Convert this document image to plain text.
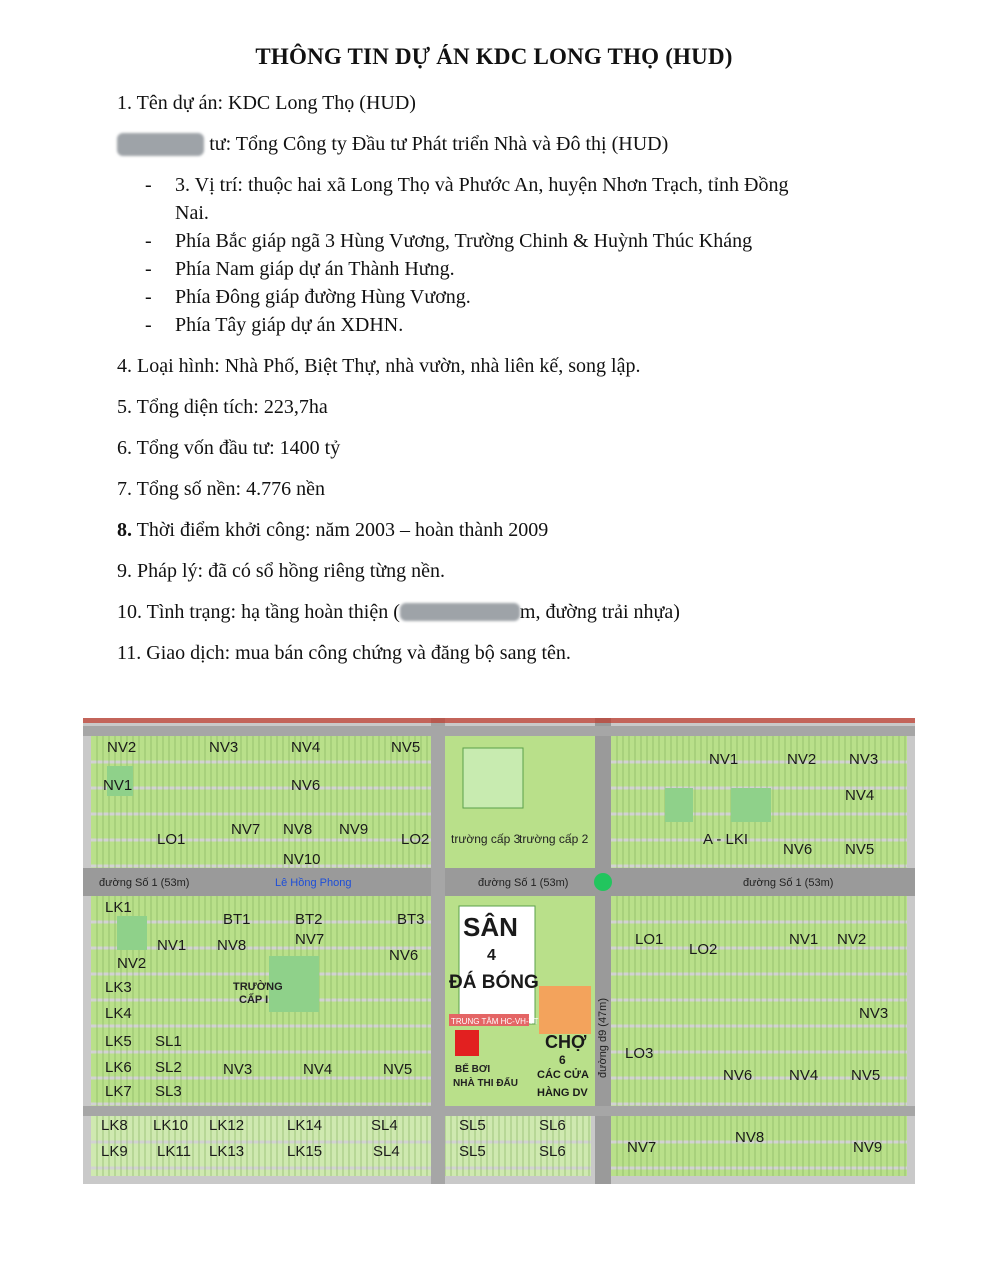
THÔNG TIN DỰ ÁN KDC LONG THỌ (HUD)
1. Tên dự án: KDC Long Thọ (HUD)
tư: Tổng Công ty Đầu tư Phát triển Nhà và Đô thị (HUD)
- 3. Vị trí: thuộc hai xã Long Thọ và Phước An, huyện Nhơn Trạch, tỉnh Đồng
Nai.
- Phía Bắc giáp ngã 3 Hùng Vương, Trường Chinh & Huỳnh Thúc Kháng
- Phía Nam giáp dự án Thành Hưng.
- Phía Đông giáp đường Hùng Vương.
- Phía Tây giáp dự án XDHN.
4. Loại hình: Nhà Phố, Biệt Thự, nhà vườn, nhà liên kế, song lập.
5. Tổng diện tích: 223,7ha
6. Tổng vốn đầu tư: 1400 tỷ
7. Tổng số nền: 4.776 nền
8. Thời điểm khởi công: năm 2003 – hoàn thành 2009
9. Pháp lý: đã có sổ hồng riêng từng nền.
10. Tình trạng: hạ tầng hoàn thiện (	m, đường trải nhựa)
11. Giao dịch: mua bán công chứng và đăng bộ sang tên.
đường Số 1 (53m)	đường Số 1 (53m)	đường Số 1 (53m)
Lê Hồng Phong
đường d9 (47m)
SÂN
4
ĐÁ BÓNG
CHỢ
6
CÁC CỬA
HÀNG DV
trường cấp 2
trường cấp 3
TRƯỜNG
CẤP I
BỂ BƠI
NHÀ THI ĐẤU
TRUNG TÂM HC-VH-TT
NV2	NV3	NV4	NV5
NV1	NV6
NV7 NV8 NV9
LO1	LO2
NV10
LK1
BT1	BT2	BT3
NV1 NV8	NV7
NV6
NV2
LK3
LK4
LK5
LK6
LK7
SL1
SL2
SL3
NV3	NV4	NV5
LK8
LK9
LK10
LK11
LK12
LK13
LK14
LK15
SL4
SL4
SL5
SL5
SL6
SL6
NV1	NV2 NV3
NV4
NV6 NV5
A - LKI
LO1
LO2
LO3
NV1 NV2
NV3
NV6 NV4 NV5
NV7
NV8
NV9
